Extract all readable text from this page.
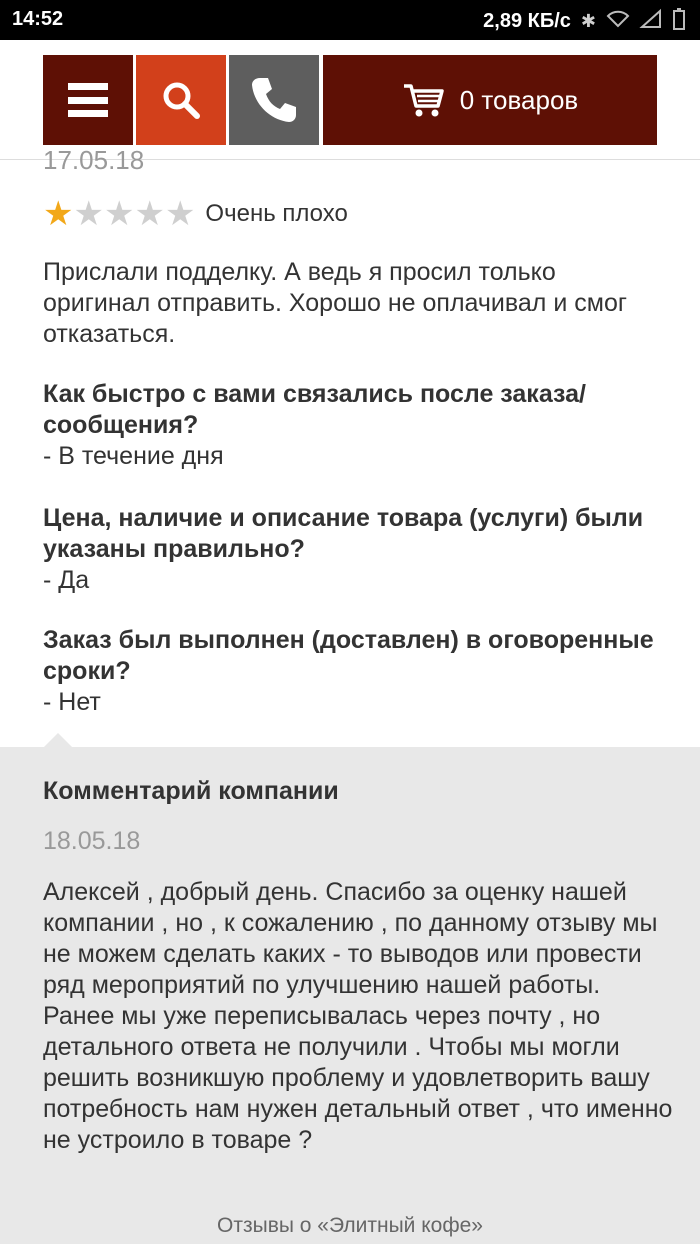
14:52	2,89 КБ/с ✱
0 товаров
17.05.18
★ ★ ★ ★ ★ Очень плохо
Прислали подделку. А ведь я просил только оригинал отправить. Хорошо не оплачивал и смог отказаться.
Как быстро с вами связались после заказа/сообщения?
- В течение дня
Цена, наличие и описание товара (услуги) были указаны правильно?
- Да
Заказ был выполнен (доставлен) в оговоренные сроки?
- Нет
Комментарий компании
18.05.18
Алексей , добрый день. Спасибо за оценку нашей компании , но , к сожалению , по данному отзыву мы не можем сделать каких - то выводов или провести ряд мероприятий по улучшению нашей работы. Ранее мы уже переписывалась через почту , но детального ответа не получили . Чтобы мы могли решить возникшую проблему и удовлетворить вашу потребность нам нужен детальный ответ , что именно не устроило в товаре ?
Отзывы о «Элитный кофе»
